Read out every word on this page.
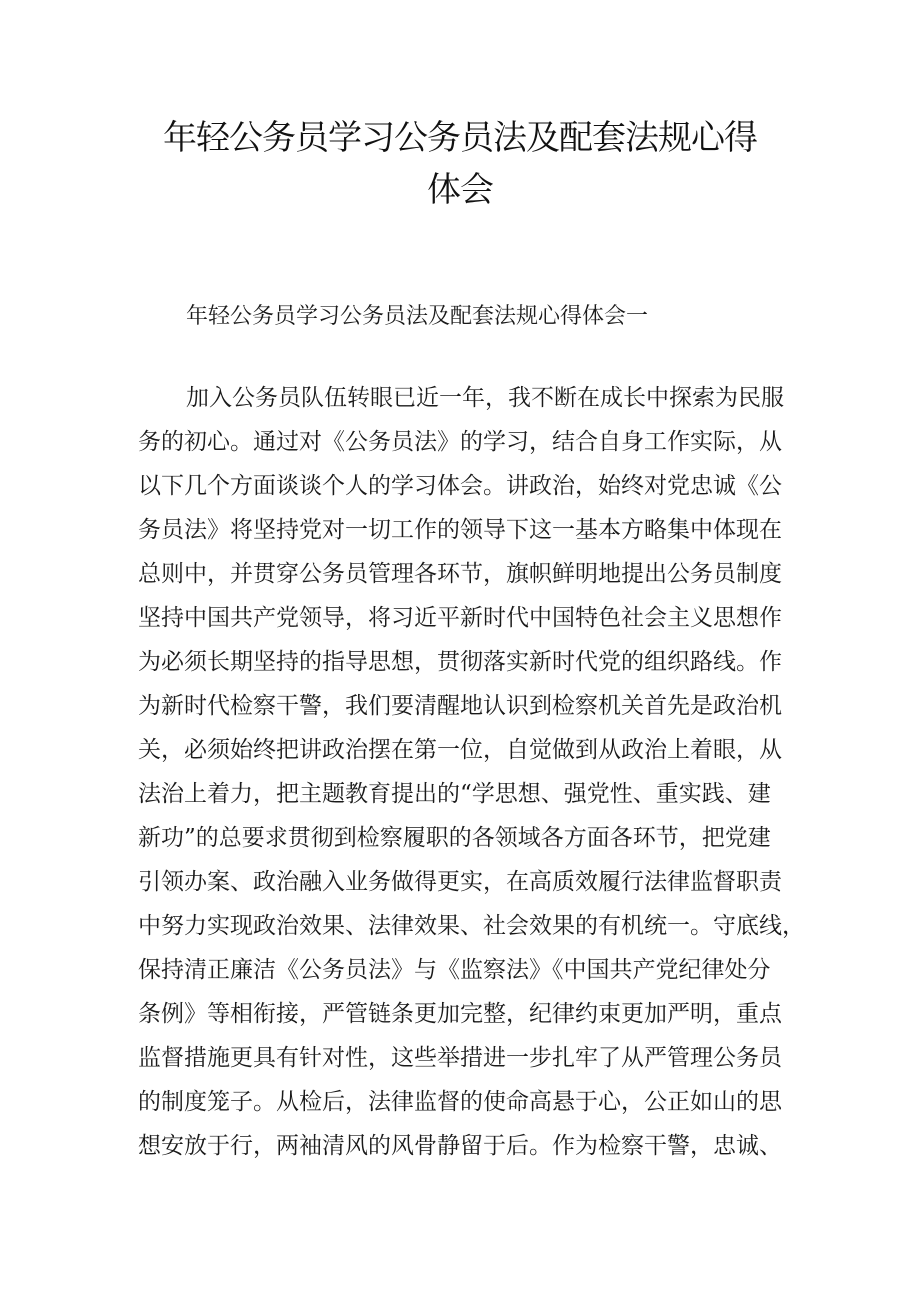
年轻公务员学习公务员法及配套法规心得
体会
年轻公务员学习公务员法及配套法规心得体会一
加入公务员队伍转眼已近一年，我不断在成长中探索为民服
务的初心。通过对《公务员法》的学习，结合自身工作实际，从
以下几个方面谈谈个人的学习体会。讲政治，始终对党忠诚《公
务员法》将坚持党对一切工作的领导下这一基本方略集中体现在
总则中，并贯穿公务员管理各环节，旗帜鲜明地提出公务员制度
坚持中国共产党领导，将习近平新时代中国特色社会主义思想作
为必须长期坚持的指导思想，贯彻落实新时代党的组织路线。作
为新时代检察干警，我们要清醒地认识到检察机关首先是政治机
关，必须始终把讲政治摆在第一位，自觉做到从政治上着眼，从
法治上着力，把主题教育提出的“学思想、强党性、重实践、建
新功”的总要求贯彻到检察履职的各领域各方面各环节，把党建
引领办案、政治融入业务做得更实，在高质效履行法律监督职责
中努力实现政治效果、法律效果、社会效果的有机统一。守底线，
保持清正廉洁《公务员法》与《监察法》《中国共产党纪律处分
条例》等相衔接，严管链条更加完整，纪律约束更加严明，重点
监督措施更具有针对性，这些举措进一步扎牢了从严管理公务员
的制度笼子。从检后，法律监督的使命高悬于心，公正如山的思
想安放于行，两袖清风的风骨静留于后。作为检察干警，忠诚、
